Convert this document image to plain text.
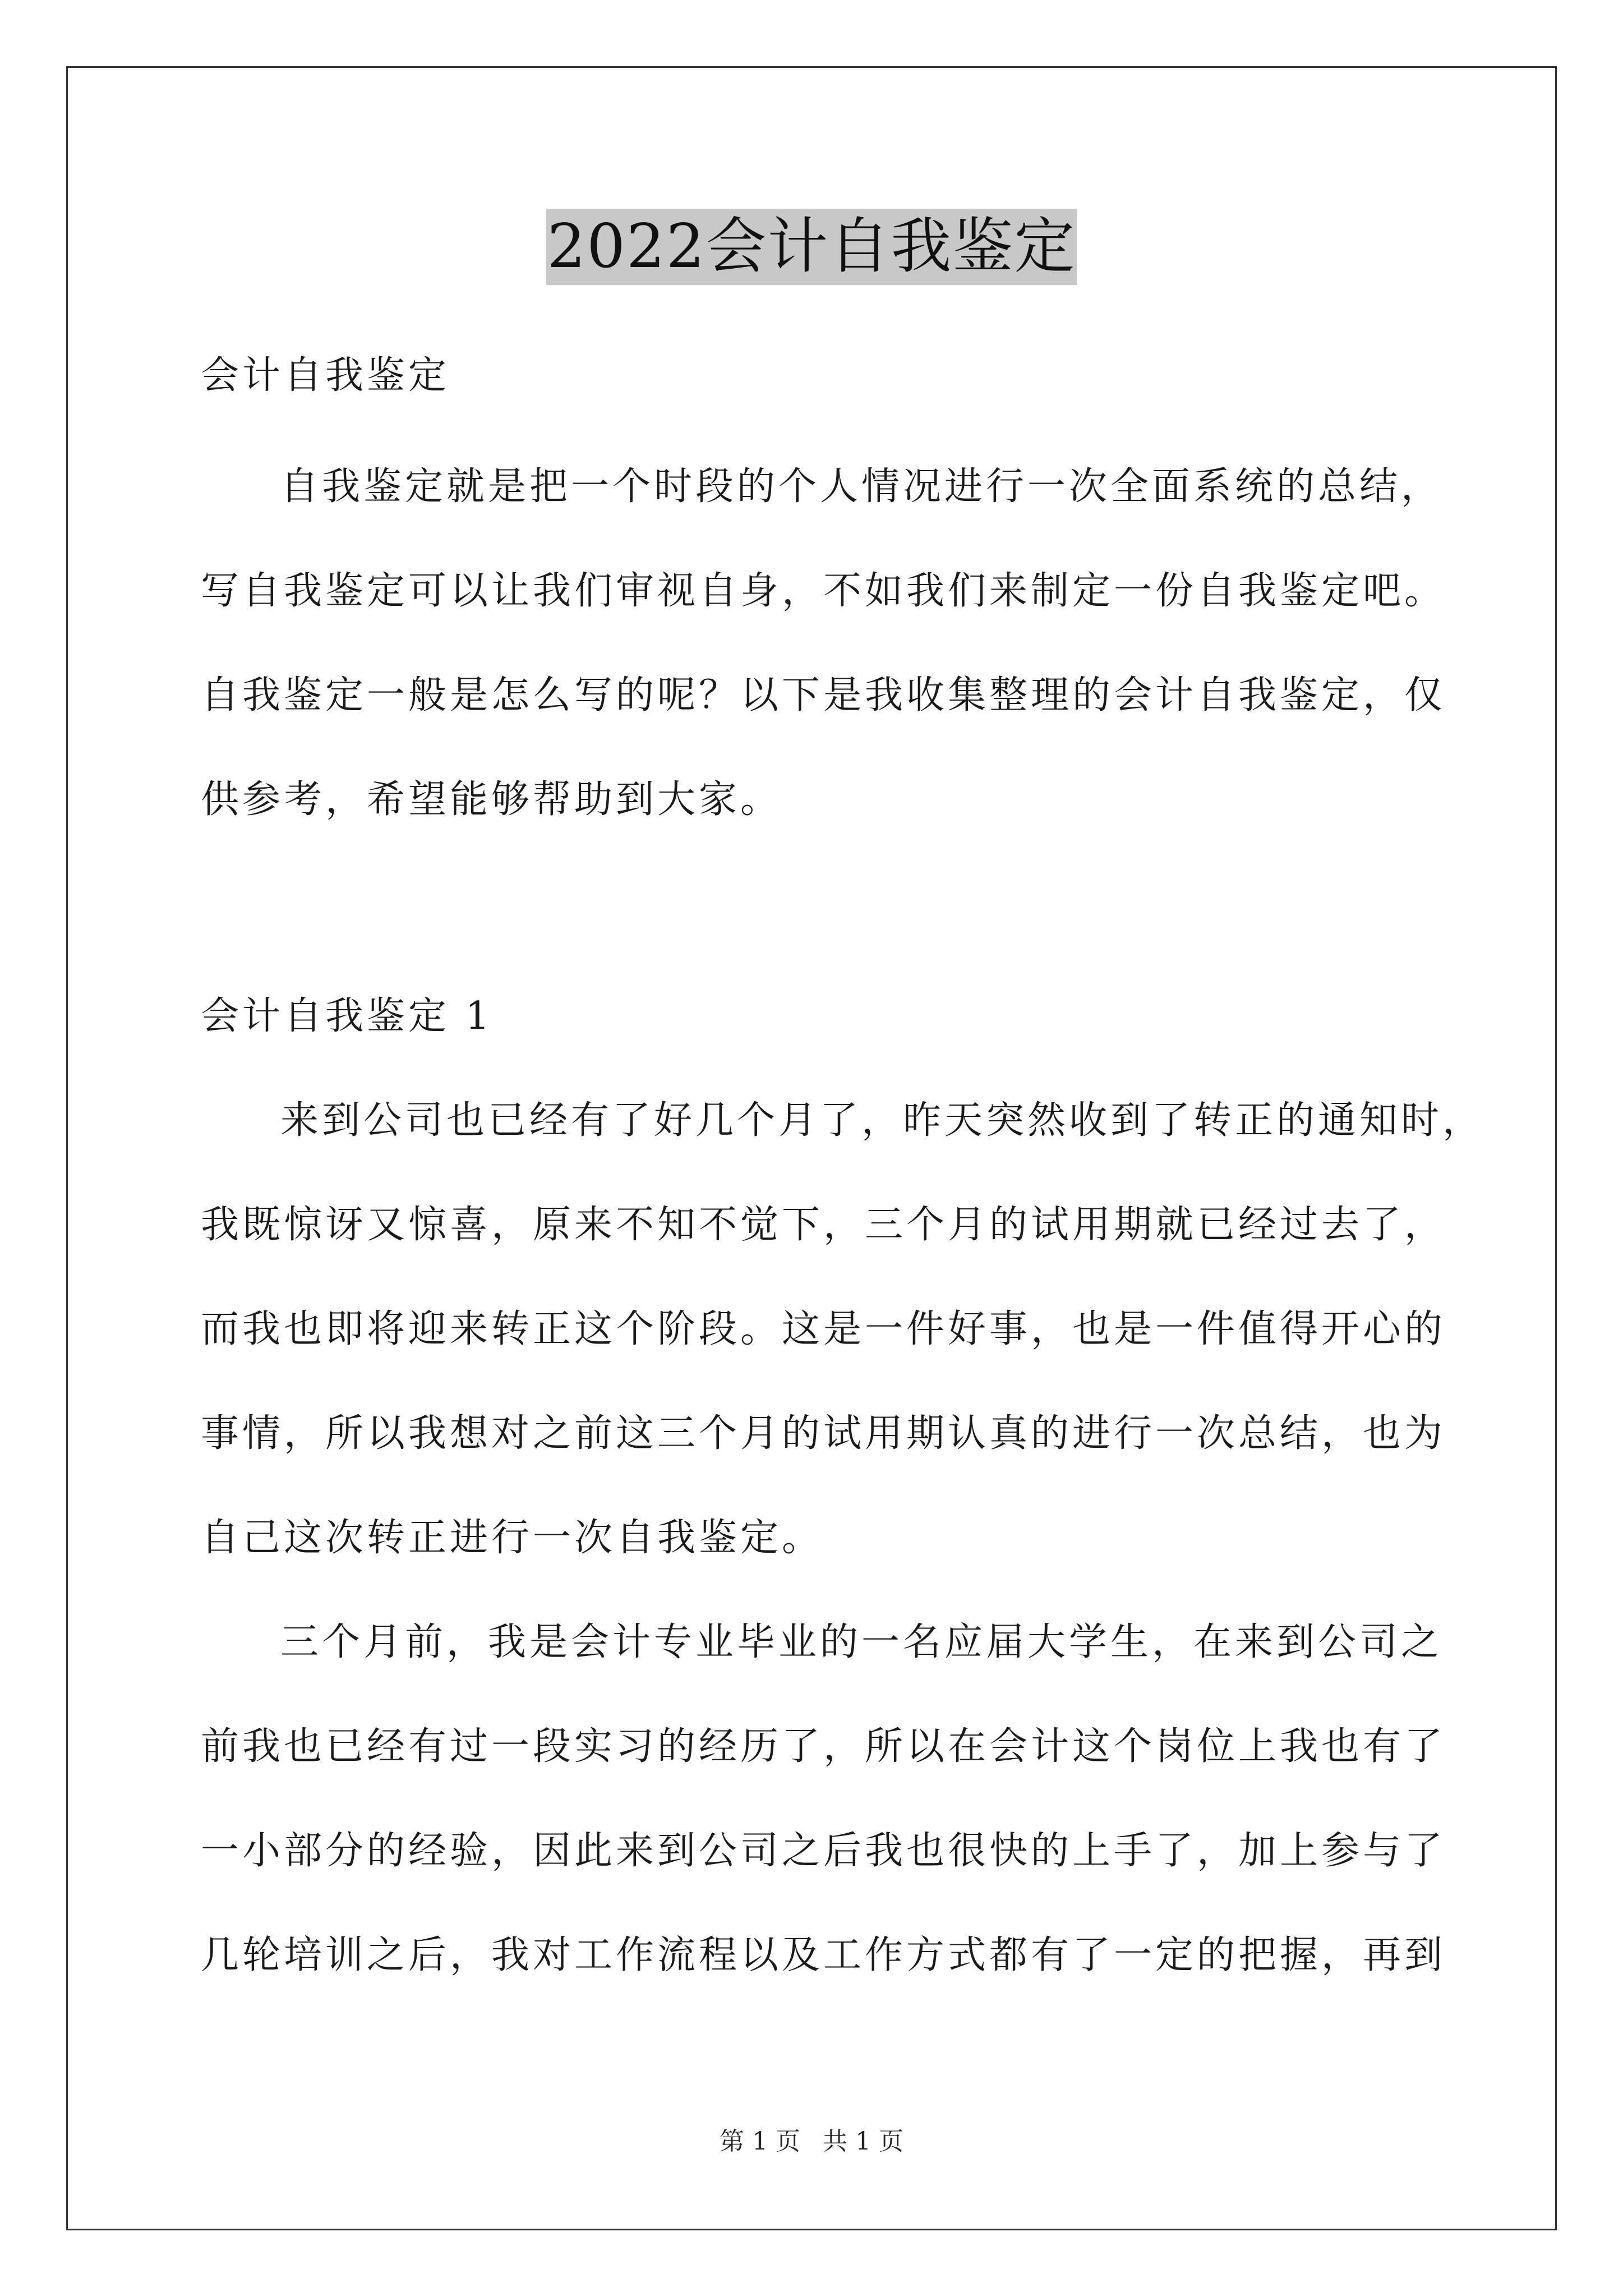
2022会计自我鉴定
会计自我鉴定
自我鉴定就是把一个时段的个人情况进行一次全面系统的总结，
写自我鉴定可以让我们审视自身，不如我们来制定一份自我鉴定吧。
自我鉴定一般是怎么写的呢？以下是我收集整理的会计自我鉴定，仅
供参考，希望能够帮助到大家。
会计自我鉴定 1
来到公司也已经有了好几个月了，昨天突然收到了转正的通知时，
我既惊讶又惊喜，原来不知不觉下，三个月的试用期就已经过去了，
而我也即将迎来转正这个阶段。这是一件好事，也是一件值得开心的
事情，所以我想对之前这三个月的试用期认真的进行一次总结，也为
自己这次转正进行一次自我鉴定。
三个月前，我是会计专业毕业的一名应届大学生，在来到公司之
前我也已经有过一段实习的经历了，所以在会计这个岗位上我也有了
一小部分的经验，因此来到公司之后我也很快的上手了，加上参与了
几轮培训之后，我对工作流程以及工作方式都有了一定的把握，再到
第 1 页 共 1 页
